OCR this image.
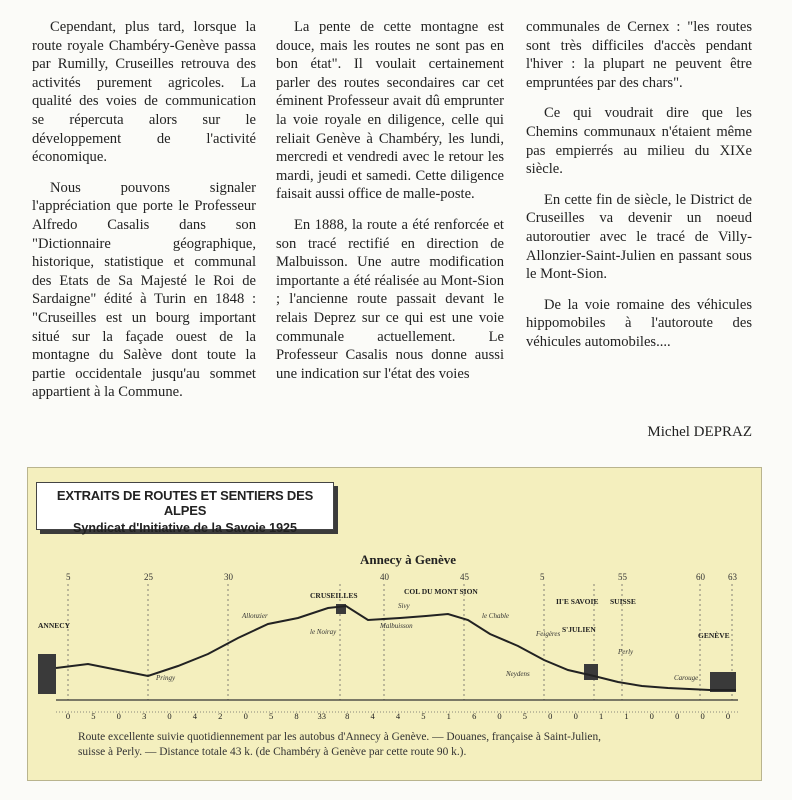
Cependant, plus tard, lorsque la route royale Chambéry-Genève passa par Rumilly, Cruseilles retrouva des activités purement agricoles. La qualité des voies de communication se répercuta alors sur le développement de l'activité économique.

Nous pouvons signaler l'appréciation que porte le Professeur Alfredo Casalis dans son "Dictionnaire géographique, historique, statistique et communal des Etats de Sa Majesté le Roi de Sardaigne" édité à Turin en 1848 : "Cruseilles est un bourg important situé sur la façade ouest de la montagne du Salève dont toute la partie occidentale jusqu'au sommet appartient à la Commune.

La pente de cette montagne est douce, mais les routes ne sont pas en bon état". Il voulait certainement parler des routes secondaires car cet éminent Professeur avait dû emprunter la voie royale en diligence, celle qui reliait Genève à Chambéry, les lundi, mercredi et vendredi avec le retour les mardi, jeudi et samedi. Cette diligence faisait aussi office de malle-poste.

En 1888, la route a été renforcée et son tracé rectifié en direction de Malbuisson. Une autre modification importante a été réalisée au Mont-Sion ; l'ancienne route passait devant le relais Deprez sur ce qui est une voie communale actuellement. Le Professeur Casalis nous donne aussi une indication sur l'état des voies

communales de Cernex : "les routes sont très difficiles d'accès pendant l'hiver : la plupart ne peuvent être empruntées par des chars".

Ce qui voudrait dire que les Chemins communaux n'étaient même pas empierrés au milieu du XIXe siècle.

En cette fin de siècle, le District de Cruseilles va devenir un noeud autoroutier avec le tracé de Villy-Allonzier-Saint-Julien en passant sous le Mont-Sion.

De la voie romaine des véhicules hippomobiles à l'autoroute des véhicules automobiles....

Michel DEPRAZ
Annecy à Genève
5	25	30	40	45	5	55	60	63
ANNECY
CRUSEILLES	COL DU MONT SION
II'E SAVOIE SUISSE
GENÈVE
S'JULIEN
Allonzier
Pringy
le Chable
Perly
Carouge
Neydens
Feigères
le Noiray
Malbuisson
Sivy
0 5 0 3 0 4 2 0 5 8 33 8 4 4 5 1 6 0 5 0 0 1 1 0 0 0 0
EXTRAITS DE ROUTES ET SENTIERS DES ALPES
Syndicat d'Initiative de la Savoie 1925
Route excellente suivie quotidiennement par les autobus d'Annecy à Genève. — Douanes, française à Saint-Julien,
suisse à Perly. — Distance totale 43 k. (de Chambéry à Genève par cette route 90 k.).
